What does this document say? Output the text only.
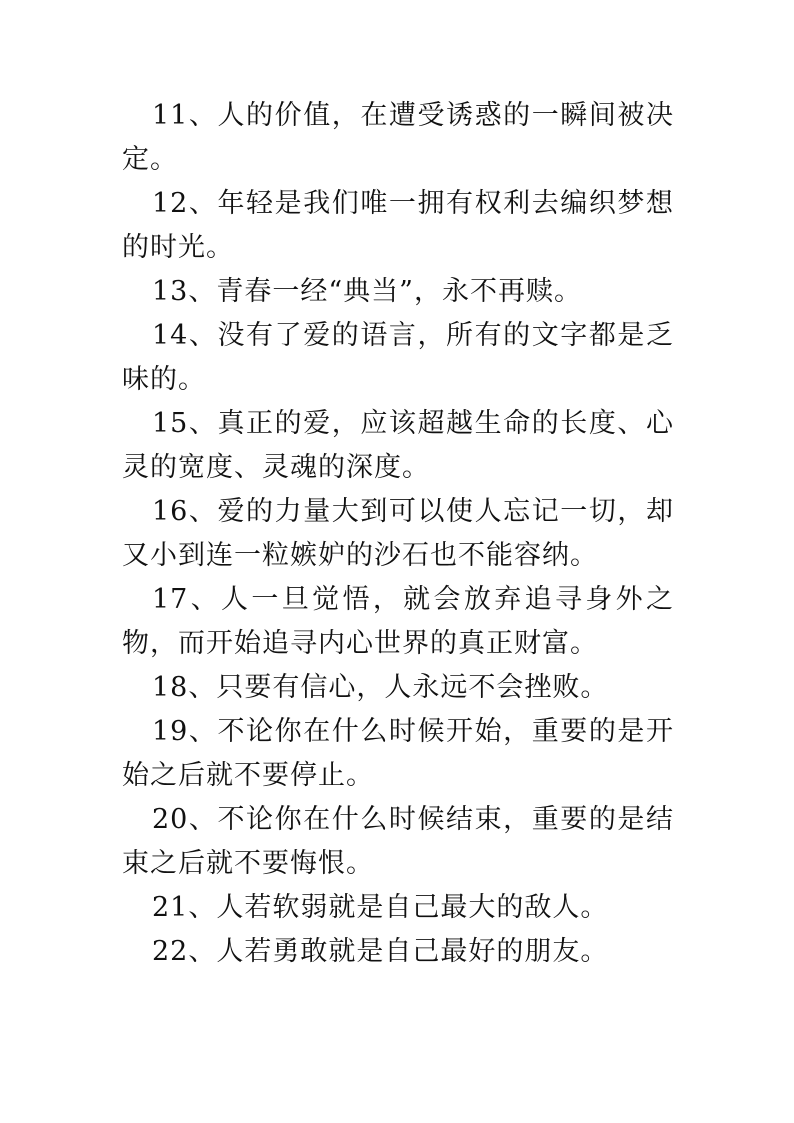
11、人的价值，在遭受诱惑的一瞬间被决定。

12、年轻是我们唯一拥有权利去编织梦想的时光。

13、青春一经“典当”，永不再赎。

14、没有了爱的语言，所有的文字都是乏味的。

15、真正的爱，应该超越生命的长度、心灵的宽度、灵魂的深度。

16、爱的力量大到可以使人忘记一切，却又小到连一粒嫉妒的沙石也不能容纳。

17、人一旦觉悟，就会放弃追寻身外之物，而开始追寻内心世界的真正财富。

18、只要有信心，人永远不会挫败。

19、不论你在什么时候开始，重要的是开始之后就不要停止。

20、不论你在什么时候结束，重要的是结束之后就不要悔恨。

21、人若软弱就是自己最大的敌人。

22、人若勇敢就是自己最好的朋友。
